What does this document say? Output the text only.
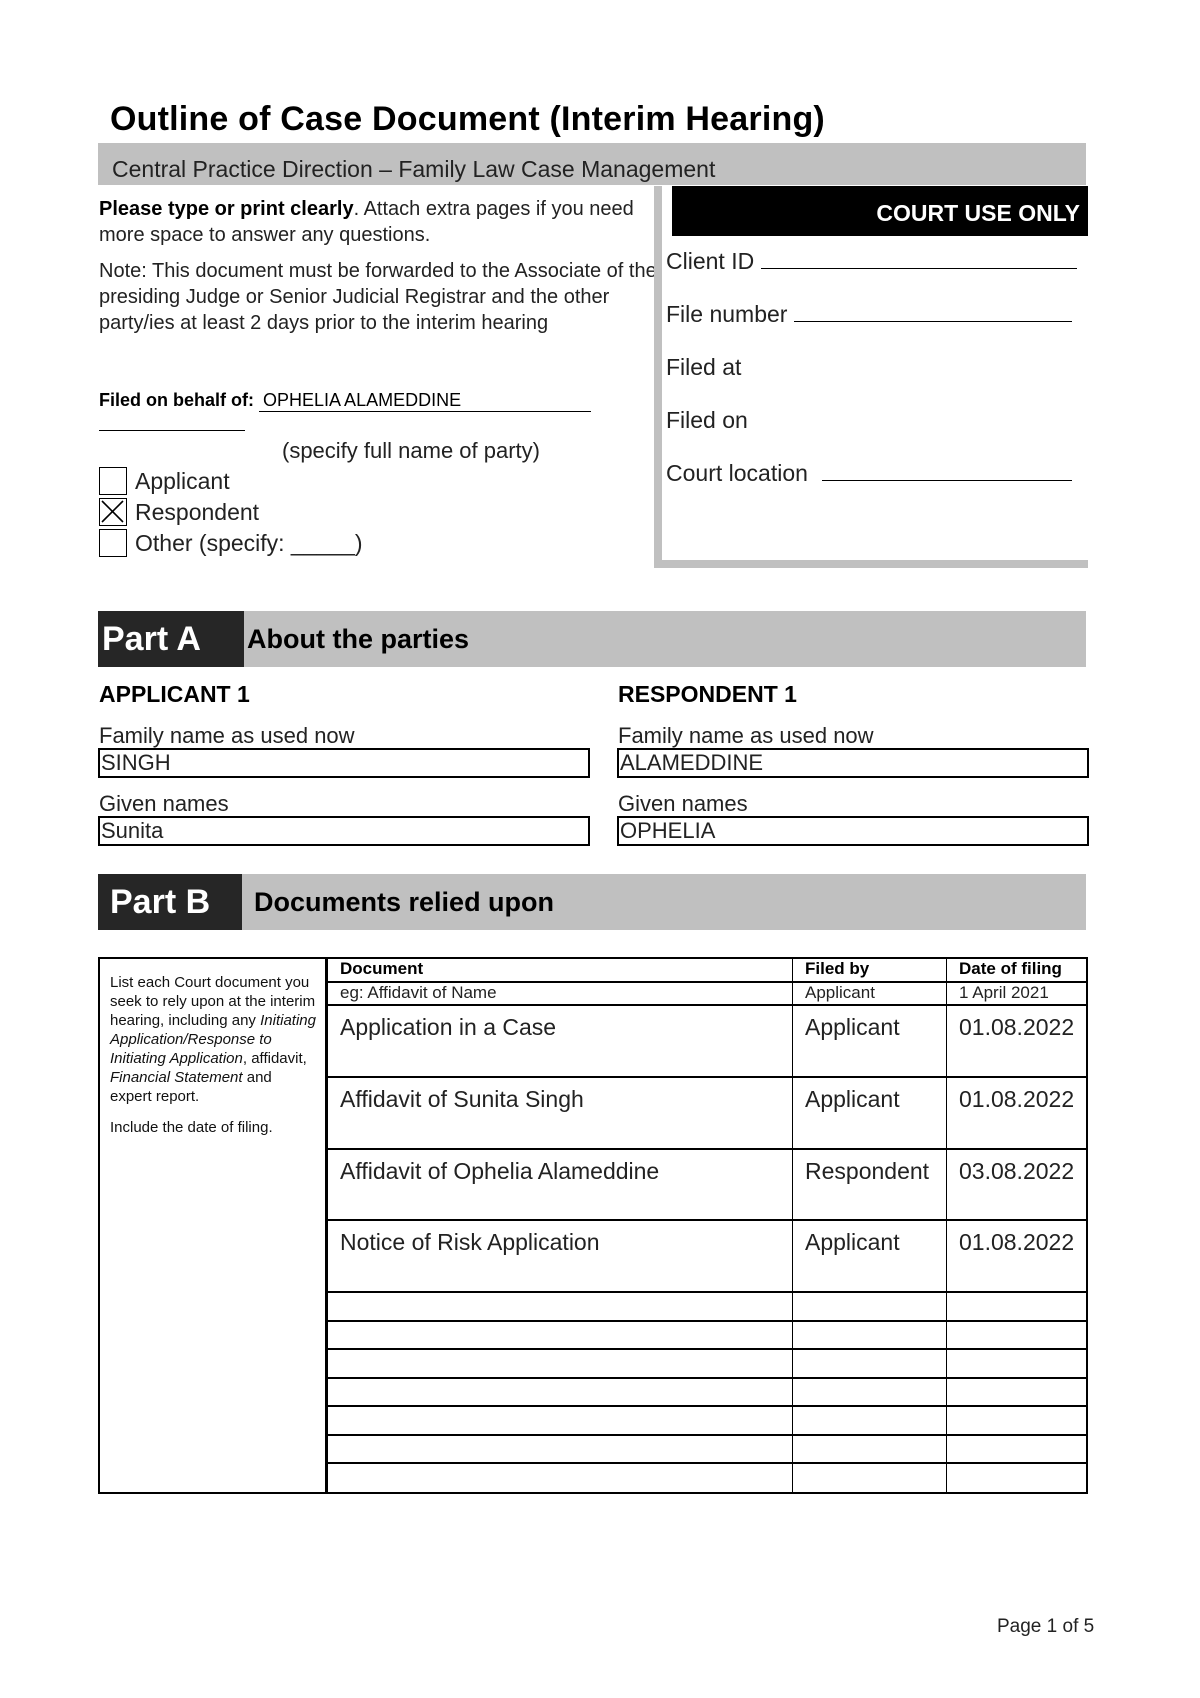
Outline of Case Document (Interim Hearing)
Central Practice Direction – Family Law Case Management
Please type or print clearly. Attach extra pages if you need more space to answer any questions.
Note: This document must be forwarded to the Associate of the presiding Judge or Senior Judicial Registrar and the other party/ies at least 2 days prior to the interim hearing
Filed on behalf of: OPHELIA ALAMEDDINE
(specify full name of party)
Applicant
Respondent
Other (specify: _____)
COURT USE ONLY
Client ID
File number
Filed at
Filed on
Court location
Part A	About the parties
APPLICANT 1	RESPONDENT 1
Family name as used now
SINGH
Given names
Sunita
Family name as used now
ALAMEDDINE
Given names
OPHELIA
Part B	Documents relied upon

List each Court document you seek to rely upon at the interim hearing, including any Initiating Application/Response to Initiating Application, affidavit, Financial Statement and expert report.

Include the date of filing.

Document	Filed by	Date of filing
eg: Affidavit of Name	Applicant	1 April 2021
Application in a Case	Applicant	01.08.2022
Affidavit of Sunita Singh	Applicant	01.08.2022
Affidavit of Ophelia Alameddine	Respondent	03.08.2022
Notice of Risk Application	Applicant	01.08.2022
Page 1 of 5
